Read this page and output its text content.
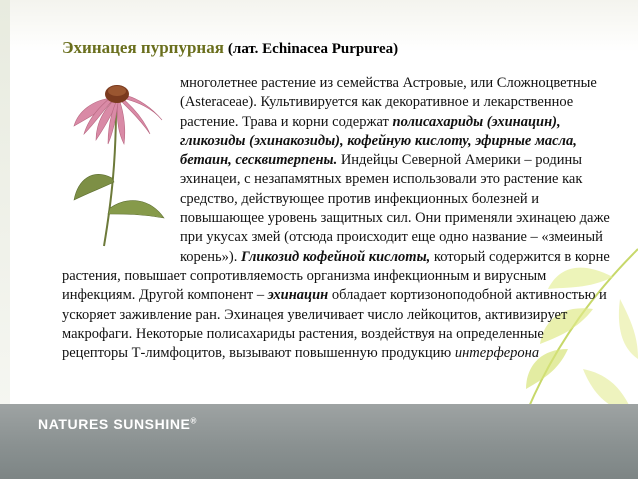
Эхинацея пурпурная (лат. Echinacea Purpurea)
многолетнее растение из семейства Астровые, или Сложноцветные (Asteraceae). Культивируется как декоративное и лекарственное растение. Трава и корни содержат полисахариды (эхинацин), гликозиды (эхинакозиды), кофейную кислоту, эфирные масла, бетаин, сесквитерпены. Индейцы Северной Америки – родины эхинацеи, с незапамятных времен использовали это растение как средство, действующее против инфекционных болезней и повышающее уровень защитных сил. Они применяли эхинацею даже при укусах змей (отсюда происходит еще одно название – «змеиный корень»). Гликозид кофейной кислоты, который содержится в корне растения, повышает сопротивляемость организма инфекционным и вирусным инфекциям. Другой компонент – эхинацин обладает кортизоноподобной активностью и ускоряет заживление ран. Эхинацея увеличивает число лейкоцитов, активизирует макрофаги. Некоторые полисахариды растения, воздействуя на определенные рецепторы Т-лимфоцитов, вызывают повышенную продукцию интерферона
NATURES SUNSHINE®
